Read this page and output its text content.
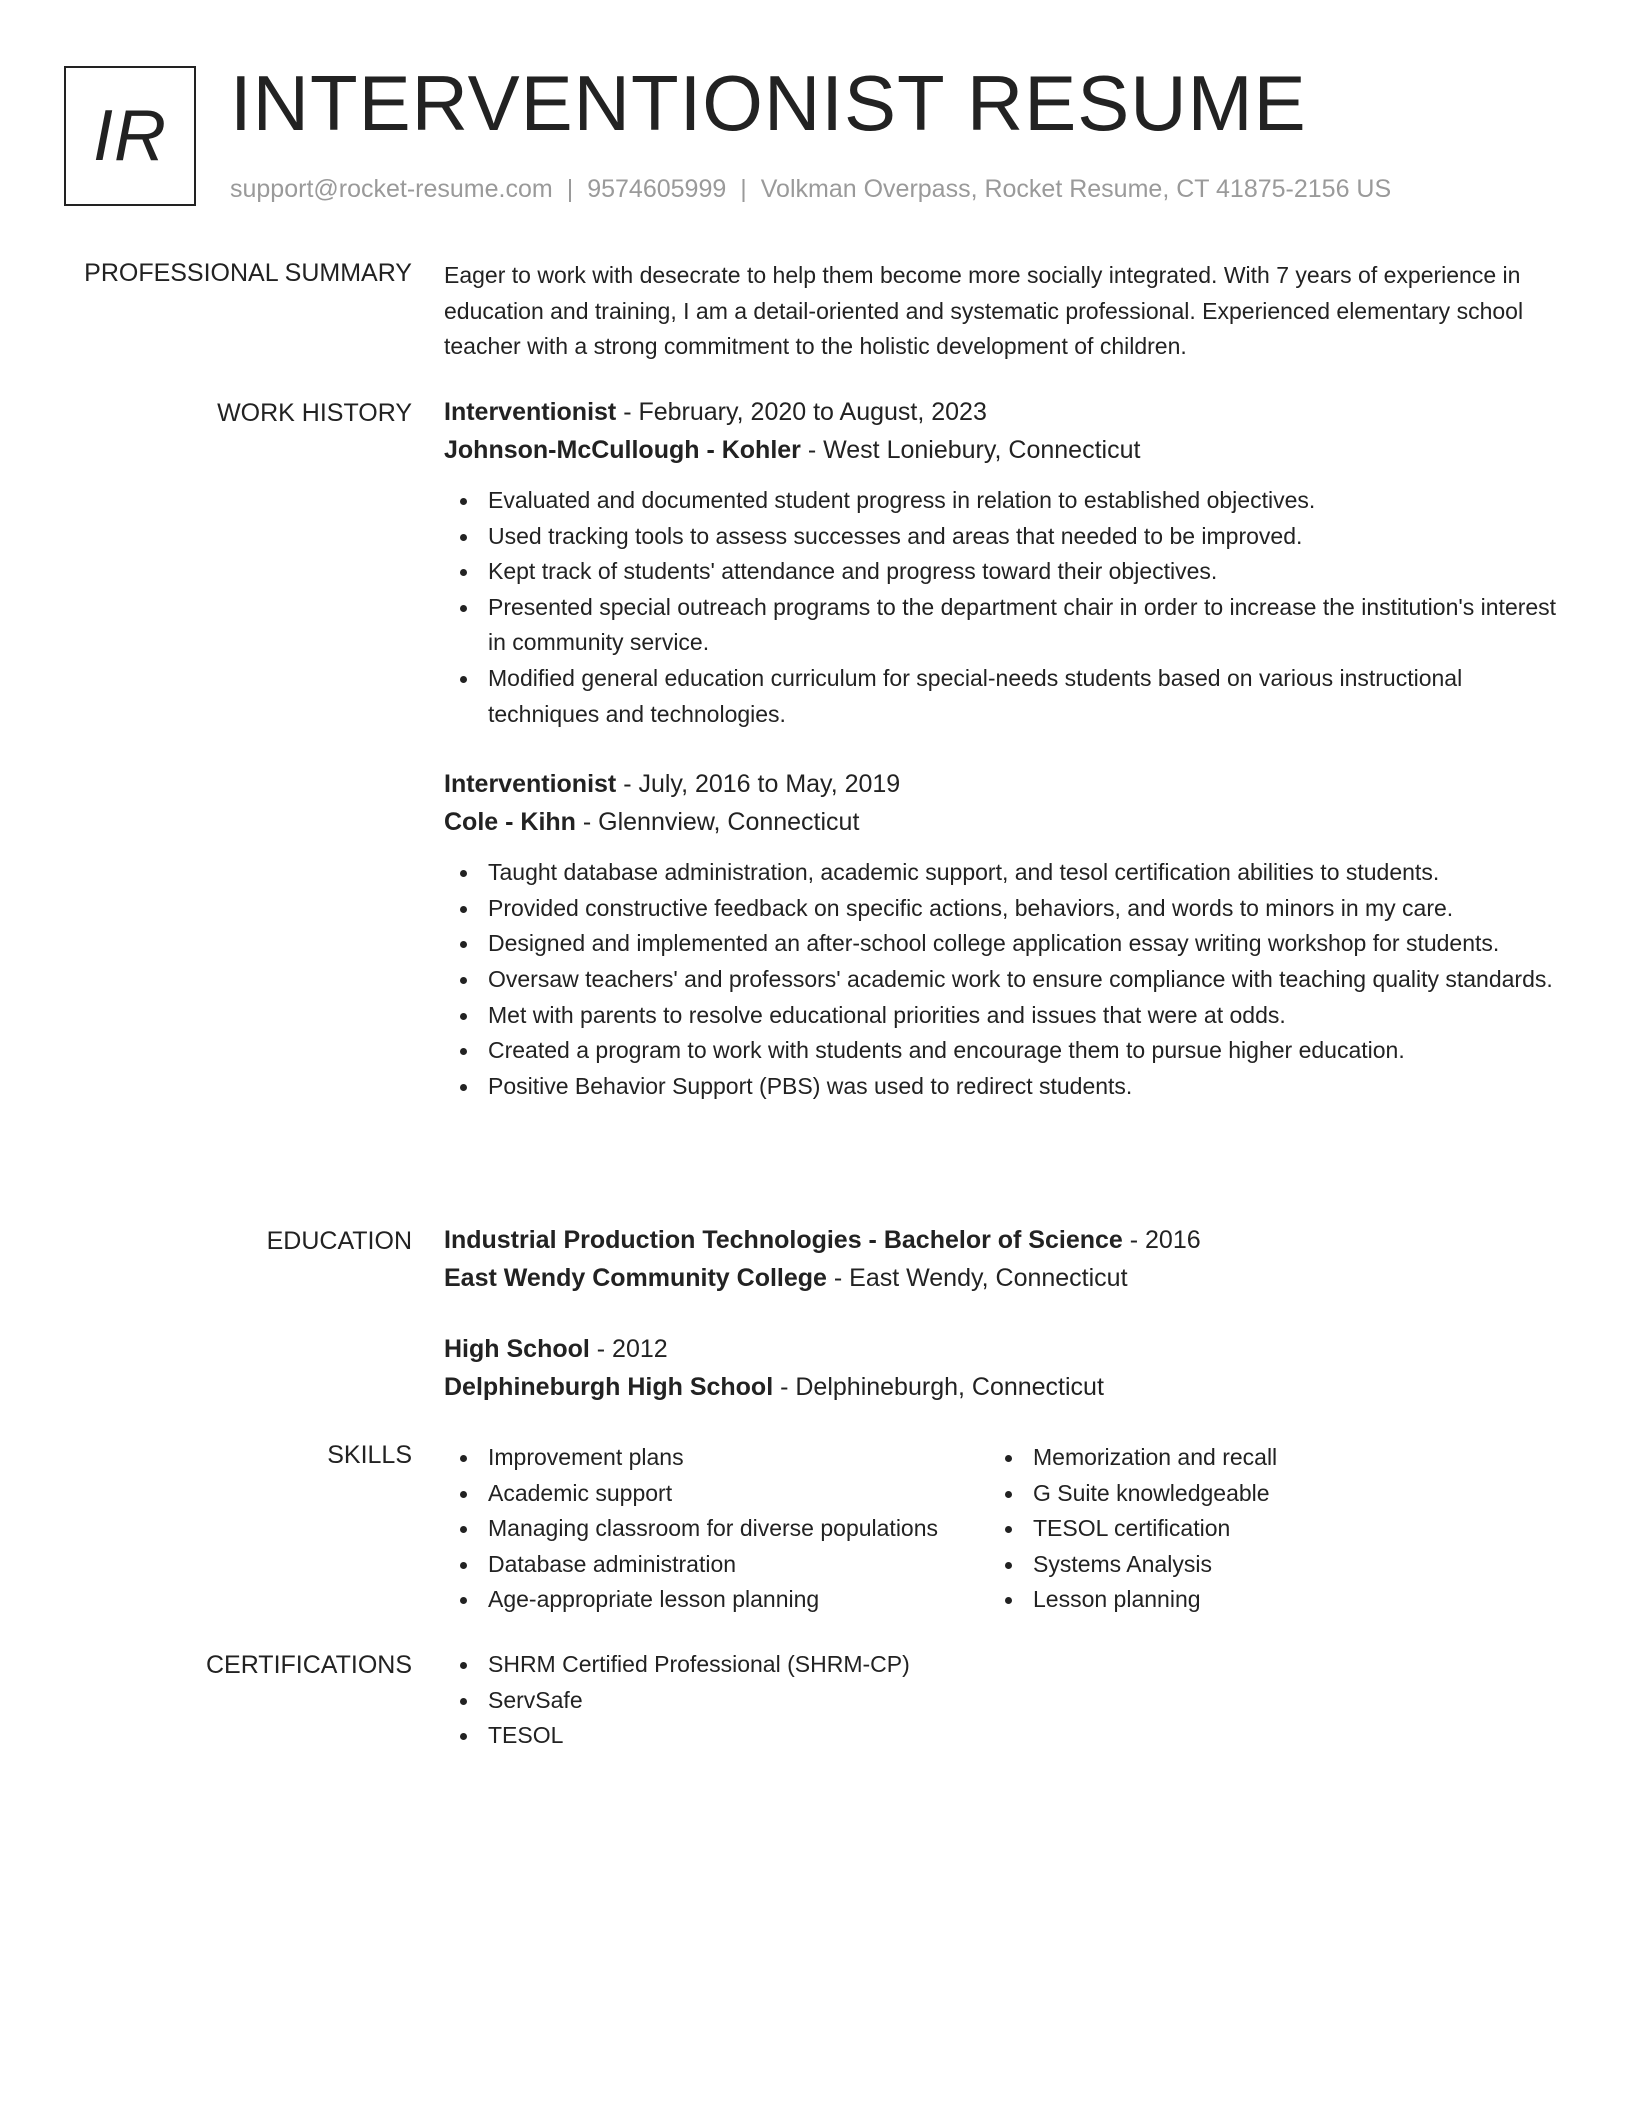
IR INTERVENTIONIST RESUME
support@rocket-resume.com | 9574605999 | Volkman Overpass, Rocket Resume, CT 41875-2156 US
PROFESSIONAL SUMMARY Eager to work with desecrate to help them become more socially integrated. With 7 years of experience in education and training, I am a detail-oriented and systematic professional. Experienced elementary school teacher with a strong commitment to the holistic development of children.
WORK HISTORY Interventionist - February, 2020 to August, 2023
Johnson-McCullough - Kohler - West Loniebury, Connecticut
Evaluated and documented student progress in relation to established objectives.
Used tracking tools to assess successes and areas that needed to be improved.
Kept track of students' attendance and progress toward their objectives.
Presented special outreach programs to the department chair in order to increase the institution's interest in community service.
Modified general education curriculum for special-needs students based on various instructional techniques and technologies.
Interventionist - July, 2016 to May, 2019
Cole - Kihn - Glennview, Connecticut
Taught database administration, academic support, and tesol certification abilities to students.
Provided constructive feedback on specific actions, behaviors, and words to minors in my care.
Designed and implemented an after-school college application essay writing workshop for students.
Oversaw teachers' and professors' academic work to ensure compliance with teaching quality standards.
Met with parents to resolve educational priorities and issues that were at odds.
Created a program to work with students and encourage them to pursue higher education.
Positive Behavior Support (PBS) was used to redirect students.
EDUCATION Industrial Production Technologies - Bachelor of Science - 2016
East Wendy Community College - East Wendy, Connecticut
High School - 2012
Delphineburgh High School - Delphineburgh, Connecticut
SKILLS	Improvement plans
Academic support
Managing classroom for diverse populations
Database administration
Age-appropriate lesson planning
Memorization and recall
G Suite knowledgeable
TESOL certification
Systems Analysis
Lesson planning
CERTIFICATIONS	SHRM Certified Professional (SHRM-CP)
ServSafe
TESOL
